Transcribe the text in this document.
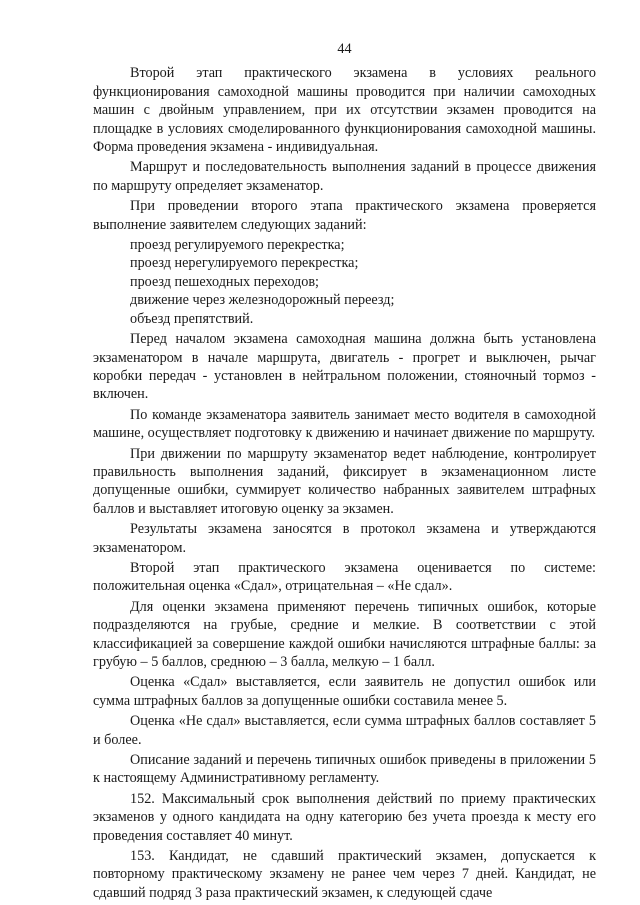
44

Второй этап практического экзамена в условиях реального функционирования самоходной машины проводится при наличии самоходных машин с двойным управлением, при их отсутствии экзамен проводится на площадке в условиях смоделированного функционирования самоходной машины. Форма проведения экзамена - индивидуальная.

Маршрут и последовательность выполнения заданий в процессе движения по маршруту определяет экзаменатор.

При проведении второго этапа практического экзамена проверяется выполнение заявителем следующих заданий:

проезд регулируемого перекрестка;

проезд нерегулируемого перекрестка;

проезд пешеходных переходов;

движение через железнодорожный переезд;

объезд препятствий.

Перед началом экзамена самоходная машина должна быть установлена экзаменатором в начале маршрута, двигатель - прогрет и выключен, рычаг коробки передач - установлен в нейтральном положении, стояночный тормоз - включен.

По команде экзаменатора заявитель занимает место водителя в самоходной машине, осуществляет подготовку к движению и начинает движение по маршруту.

При движении по маршруту экзаменатор ведет наблюдение, контролирует правильность выполнения заданий, фиксирует в экзаменационном листе допущенные ошибки, суммирует количество набранных заявителем штрафных баллов и выставляет итоговую оценку за экзамен.

Результаты экзамена заносятся в протокол экзамена и утверждаются экзаменатором.

Второй этап практического экзамена оценивается по системе: положительная оценка «Сдал», отрицательная – «Не сдал».

Для оценки экзамена применяют перечень типичных ошибок, которые подразделяются на грубые, средние и мелкие. В соответствии с этой классификацией за совершение каждой ошибки начисляются штрафные баллы: за грубую – 5 баллов, среднюю – 3 балла, мелкую – 1 балл.

Оценка «Сдал» выставляется, если заявитель не допустил ошибок или сумма штрафных баллов за допущенные ошибки составила менее 5.

Оценка «Не сдал» выставляется, если сумма штрафных баллов составляет 5 и более.

Описание заданий и перечень типичных ошибок приведены в приложении 5 к настоящему Административному регламенту.

152. Максимальный срок выполнения действий по приему практических экзаменов у одного кандидата на одну категорию без учета проезда к месту его проведения составляет 40 минут.

153. Кандидат, не сдавший практический экзамен, допускается к повторному практическому экзамену не ранее чем через 7 дней. Кандидат, не сдавший подряд 3 раза практический экзамен, к следующей сдаче
